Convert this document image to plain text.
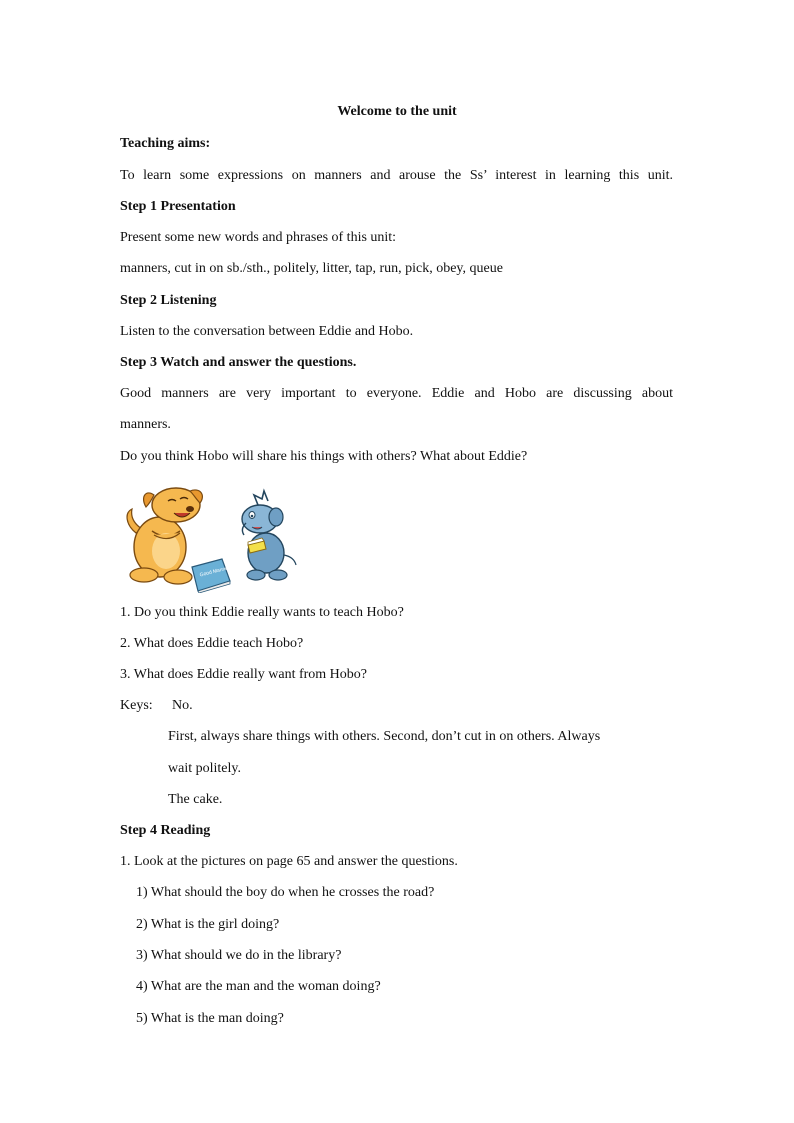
Welcome to the unit
Teaching aims:
To learn some expressions on manners and arouse the Ss’ interest in learning this unit.
Step 1 Presentation
Present some new words and phrases of this unit:
manners, cut in on sb./sth., politely, litter, tap, run, pick, obey, queue
Step 2 Listening
Listen to the conversation between Eddie and Hobo.
Step 3 Watch and answer the questions.
Good manners are very important to everyone. Eddie and Hobo are discussing about
manners.
Do you think Hobo will share his things with others? What about Eddie?
Good Manners
1. Do you think Eddie really wants to teach Hobo?
2. What does Eddie teach Hobo?
3. What does Eddie really want from Hobo?
Keys: No.
First, always share things with others. Second, don’t cut in on others. Always
wait politely.
The cake.
Step 4 Reading
1. Look at the pictures on page 65 and answer the questions.
1) What should the boy do when he crosses the road?
2) What is the girl doing?
3) What should we do in the library?
4) What are the man and the woman doing?
5) What is the man doing?
